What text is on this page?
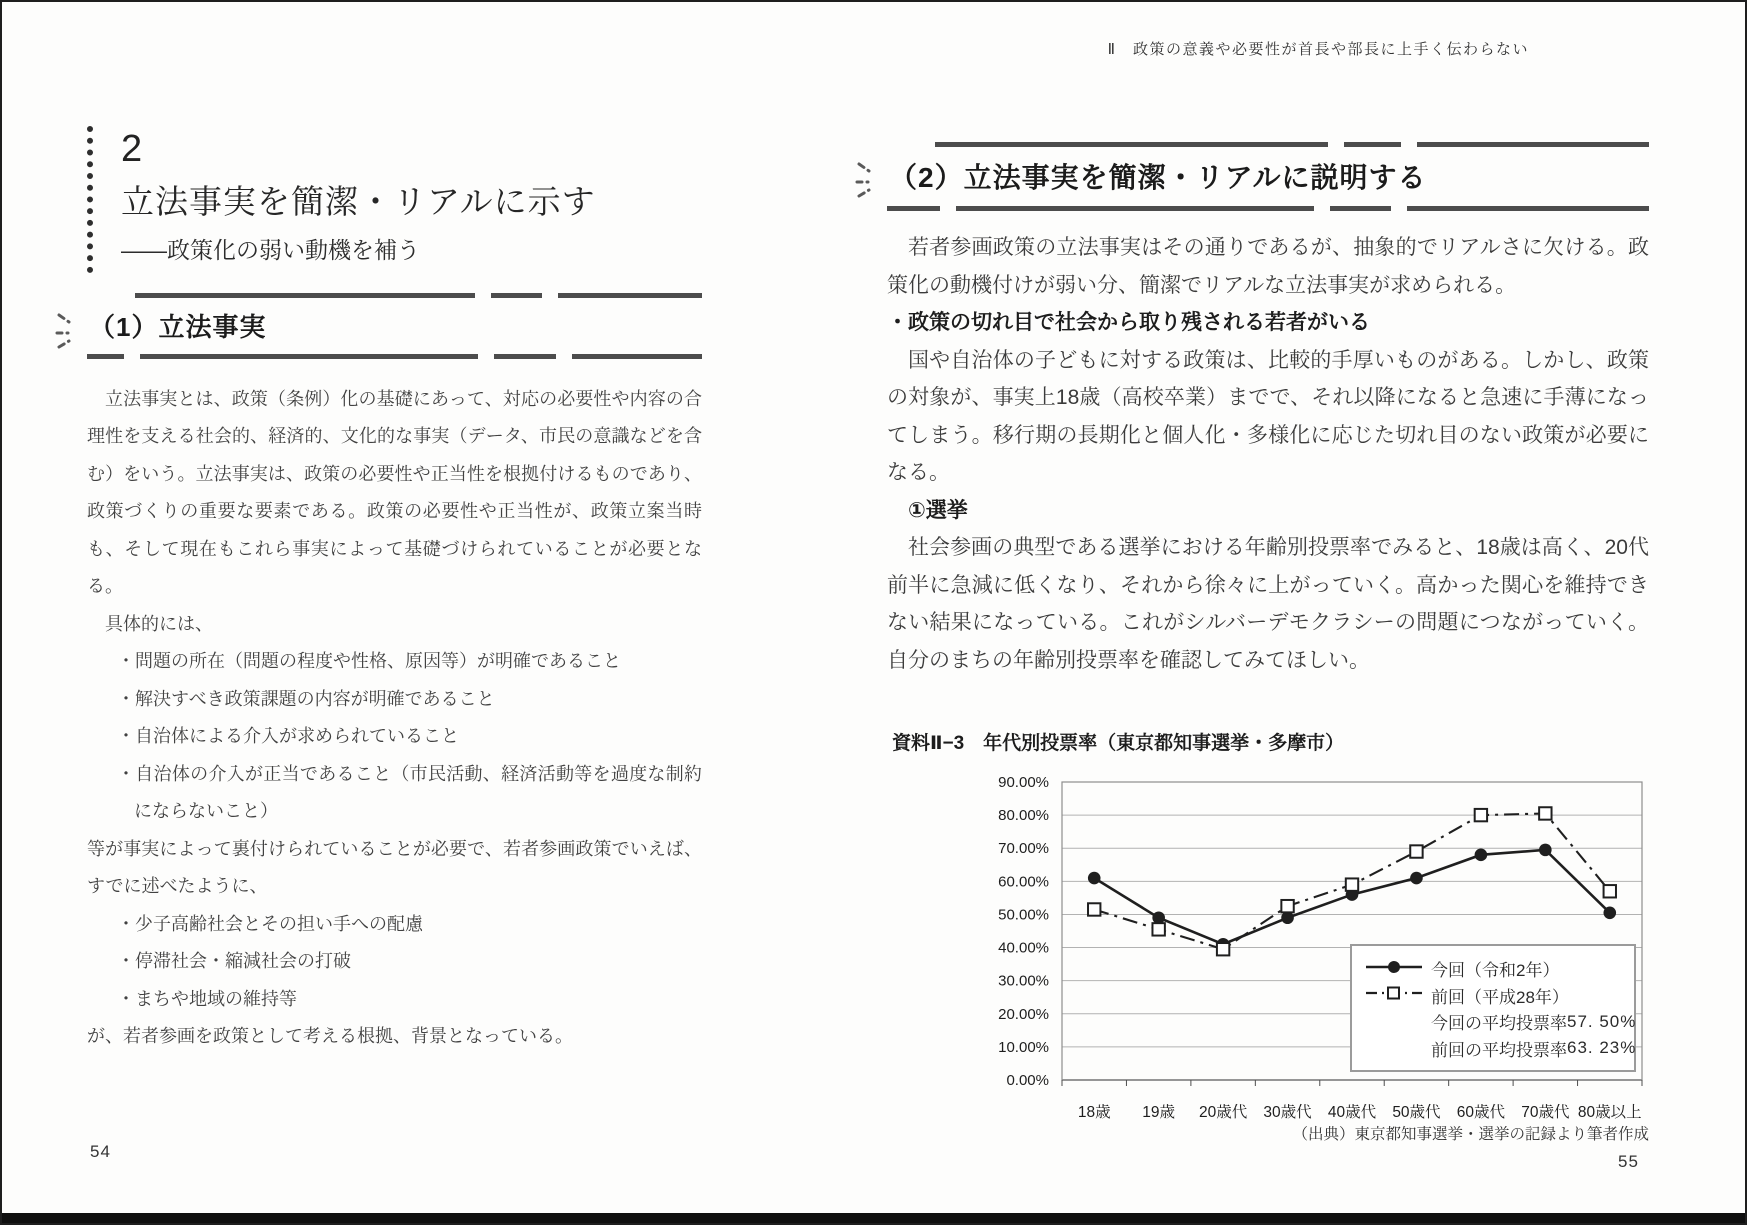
Ⅱ　政策の意義や必要性が首長や部長に上手く伝わらない
2
立法事実を簡潔・リアルに示す
——政策化の弱い動機を補う
（1）立法事実

立法事実とは、政策（条例）化の基礎にあって、対応の必要性や内容の合理性を支える社会的、経済的、文化的な事実（データ、市民の意識などを含む）をいう。立法事実は、政策の必要性や正当性を根拠付けるものであり、政策づくりの重要な要素である。政策の必要性や正当性が、政策立案当時も、そして現在もこれら事実によって基礎づけられていることが必要となる。

具体的には、

・問題の所在（問題の程度や性格、原因等）が明確であること

・解決すべき政策課題の内容が明確であること

・自治体による介入が求められていること

・自治体の介入が正当であること（市民活動、経済活動等を過度な制約にならないこと）

等が事実によって裏付けられていることが必要で、若者参画政策でいえば、すでに述べたように、

・少子高齢社会とその担い手への配慮

・停滞社会・縮減社会の打破

・まちや地域の維持等

が、若者参画を政策として考える根拠、背景となっている。

（2）立法事実を簡潔・リアルに説明する

若者参画政策の立法事実はその通りであるが、抽象的でリアルさに欠ける。政策化の動機付けが弱い分、簡潔でリアルな立法事実が求められる。

・政策の切れ目で社会から取り残される若者がいる

国や自治体の子どもに対する政策は、比較的手厚いものがある。しかし、政策の対象が、事実上18歳（高校卒業）までで、それ以降になると急速に手薄になってしまう。移行期の長期化と個人化・多様化に応じた切れ目のない政策が必要になる。

①選挙

社会参画の典型である選挙における年齢別投票率でみると、18歳は高く、20代前半に急減に低くなり、それから徐々に上がっていく。高かった関心を維持できない結果になっている。これがシルバーデモクラシーの問題につながっていく。自分のまちの年齢別投票率を確認してみてほしい。

資料Ⅱ−3　年代別投票率（東京都知事選挙・多摩市）
0.00%
10.00%
20.00%
30.00%
40.00%
50.00%
60.00%
70.00%
80.00%
90.00%
18歳 19歳 20歳代 30歳代 40歳代 50歳代 60歳代 70歳代 80歳以上
今回（令和2年）
前回（平成28年）
今回の平均投票率 57. 50%
前回の平均投票率 63. 23%
（出典）東京都知事選挙・選挙の記録より筆者作成
54
55
